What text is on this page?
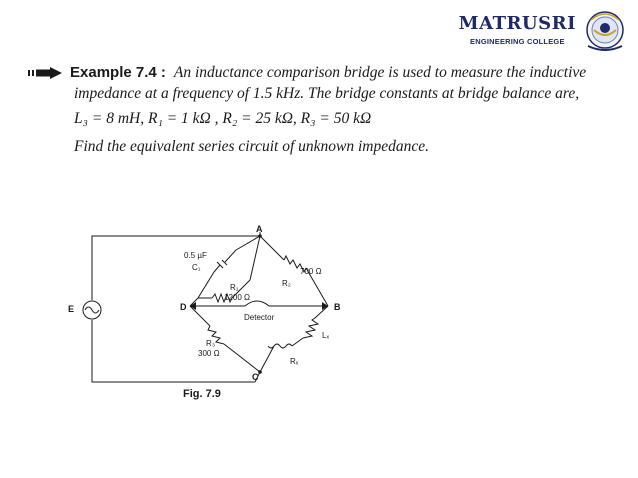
MATRUSRI
ENGINEERING COLLEGE
Example 7.4 : An inductance comparison bridge is used to measure the inductive
impedance at a frequency of 1.5 kHz. The bridge constants at bridge balance are,
L₃ = 8 mH, R₁ = 1 kΩ , R₂ = 25 kΩ, R₃ = 50 kΩ
Find the equivalent series circuit of unknown impedance.
A
B
C
D
E
0.5 µF
C₁
R₁
1200 Ω
700 Ω
R₂
Detector
R₃
300 Ω
Lₓ
Rₓ
Fig. 7.9
